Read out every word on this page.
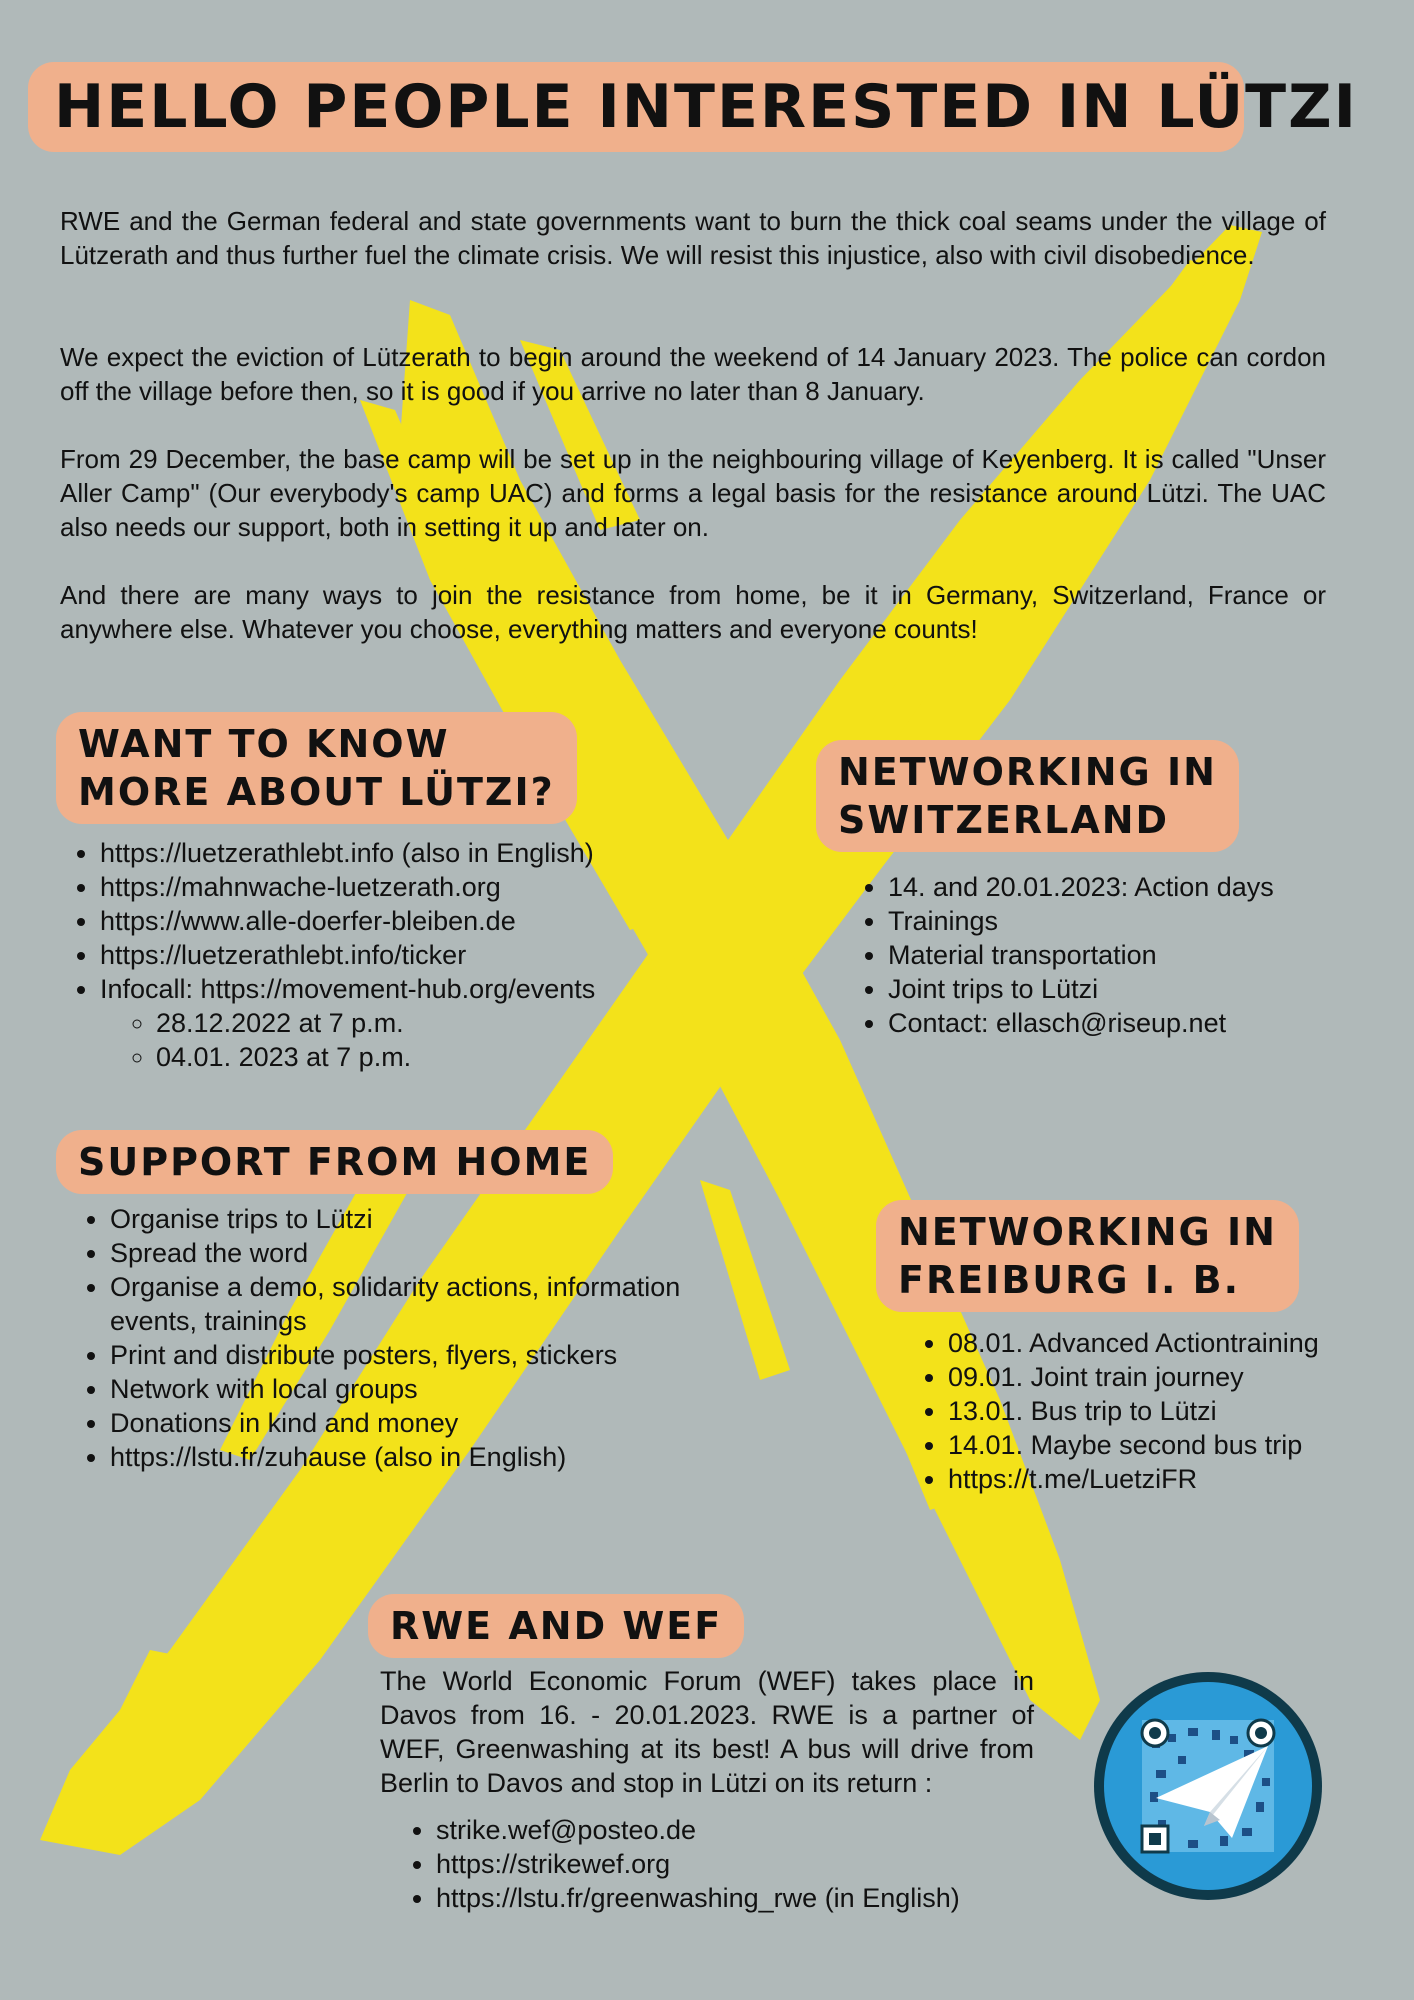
HELLO PEOPLE INTERESTED IN LÜTZI

RWE and the German federal and state governments want to burn the thick coal seams under the village of Lützerath and thus further fuel the climate crisis. We will resist this injustice, also with civil disobedience.

We expect the eviction of Lützerath to begin around the weekend of 14 January 2023. The police can cordon off the village before then, so it is good if you arrive no later than 8 January.

From 29 December, the base camp will be set up in the neighbouring village of Keyenberg. It is called "Unser Aller Camp" (Our everybody's camp UAC) and forms a legal basis for the resistance around Lützi. The UAC also needs our support, both in setting it up and later on.

And there are many ways to join the resistance from home, be it in Germany, Switzerland, France or anywhere else. Whatever you choose, everything matters and everyone counts!

WANT TO KNOW
MORE ABOUT LÜTZI?
• https://luetzerathlebt.info (also in English)
• https://mahnwache-luetzerath.org
• https://www.alle-doerfer-bleiben.de
• https://luetzerathlebt.info/ticker
• Infocall: https://movement-hub.org/events
◦ 28.12.2022 at 7 p.m.
◦ 04.01. 2023 at 7 p.m.
NETWORKING IN
SWITZERLAND
• 14. and 20.01.2023: Action days
• Trainings
• Material transportation
• Joint trips to Lützi
• Contact: ellasch@riseup.net
SUPPORT FROM HOME
• Organise trips to Lützi
• Spread the word
• Organise a demo, solidarity actions, information events, trainings
• Print and distribute posters, flyers, stickers
• Network with local groups
• Donations in kind and money
• https://lstu.fr/zuhause (also in English)
NETWORKING IN
FREIBURG I. B.
• 08.01. Advanced Actiontraining
• 09.01. Joint train journey
• 13.01. Bus trip to Lützi
• 14.01. Maybe second bus trip
• https://t.me/LuetziFR
RWE AND WEF
The World Economic Forum (WEF) takes place in Davos from 16. - 20.01.2023. RWE is a partner of WEF, Greenwashing at its best! A bus will drive from Berlin to Davos and stop in Lützi on its return :
• strike.wef@posteo.de
• https://strikewef.org
• https://lstu.fr/greenwashing_rwe (in English)
